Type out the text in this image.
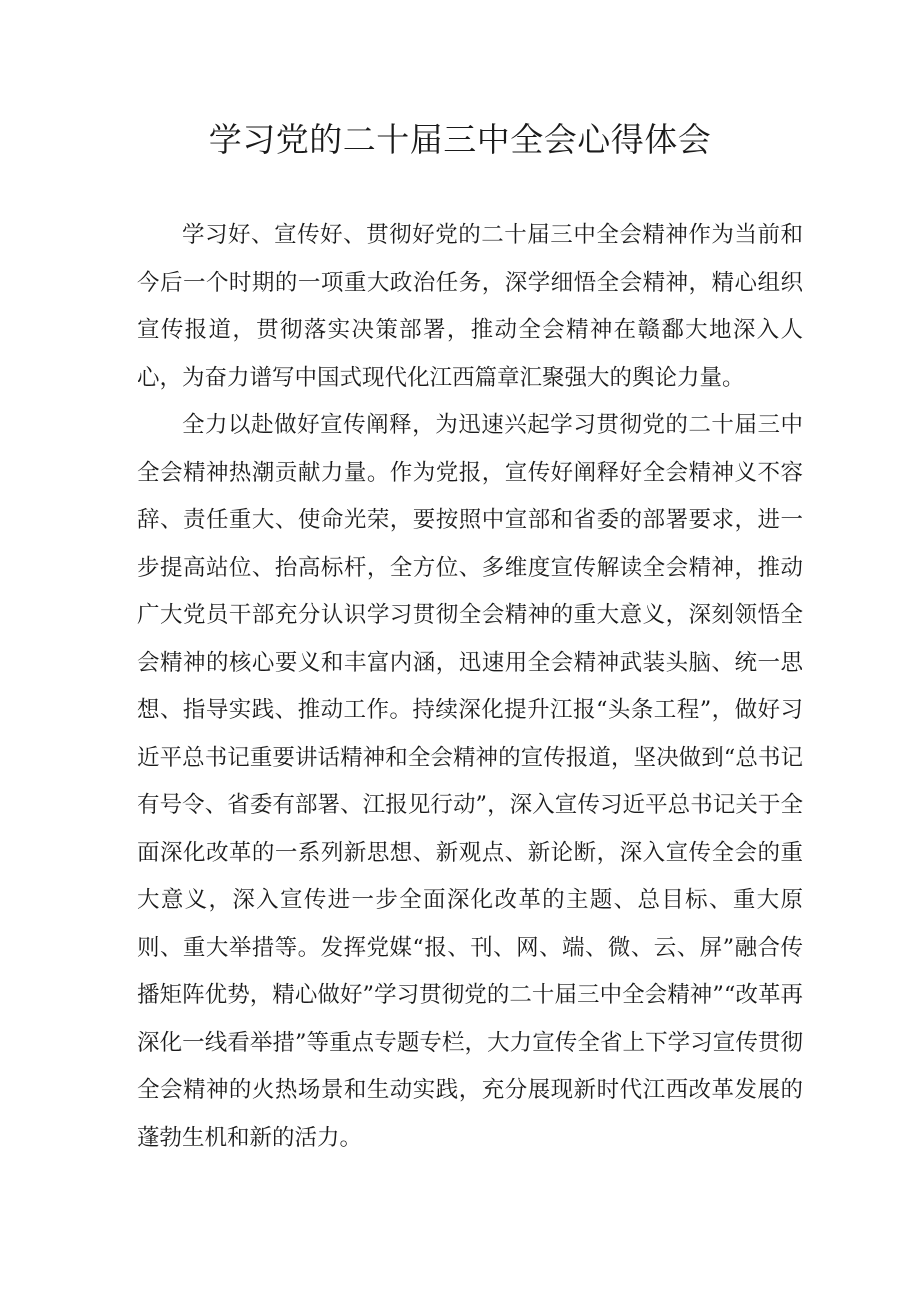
学习党的二十届三中全会心得体会

学习好、宣传好、贯彻好党的二十届三中全会精神作为当前和今后一个时期的一项重大政治任务，深学细悟全会精神，精心组织宣传报道，贯彻落实决策部署，推动全会精神在赣鄱大地深入人心，为奋力谱写中国式现代化江西篇章汇聚强大的舆论力量。

全力以赴做好宣传阐释，为迅速兴起学习贯彻党的二十届三中全会精神热潮贡献力量。作为党报，宣传好阐释好全会精神义不容辞、责任重大、使命光荣，要按照中宣部和省委的部署要求，进一步提高站位、抬高标杆，全方位、多维度宣传解读全会精神，推动广大党员干部充分认识学习贯彻全会精神的重大意义，深刻领悟全会精神的核心要义和丰富内涵，迅速用全会精神武装头脑、统一思想、指导实践、推动工作。持续深化提升江报“头条工程”，做好习近平总书记重要讲话精神和全会精神的宣传报道，坚决做到“总书记有号令、省委有部署、江报见行动”，深入宣传习近平总书记关于全面深化改革的一系列新思想、新观点、新论断，深入宣传全会的重大意义，深入宣传进一步全面深化改革的主题、总目标、重大原则、重大举措等。发挥党媒“报、刊、网、端、微、云、屏”融合传播矩阵优势，精心做好”学习贯彻党的二十届三中全会精神”“改革再深化一线看举措”等重点专题专栏，大力宣传全省上下学习宣传贯彻全会精神的火热场景和生动实践，充分展现新时代江西改革发展的蓬勃生机和新的活力。
